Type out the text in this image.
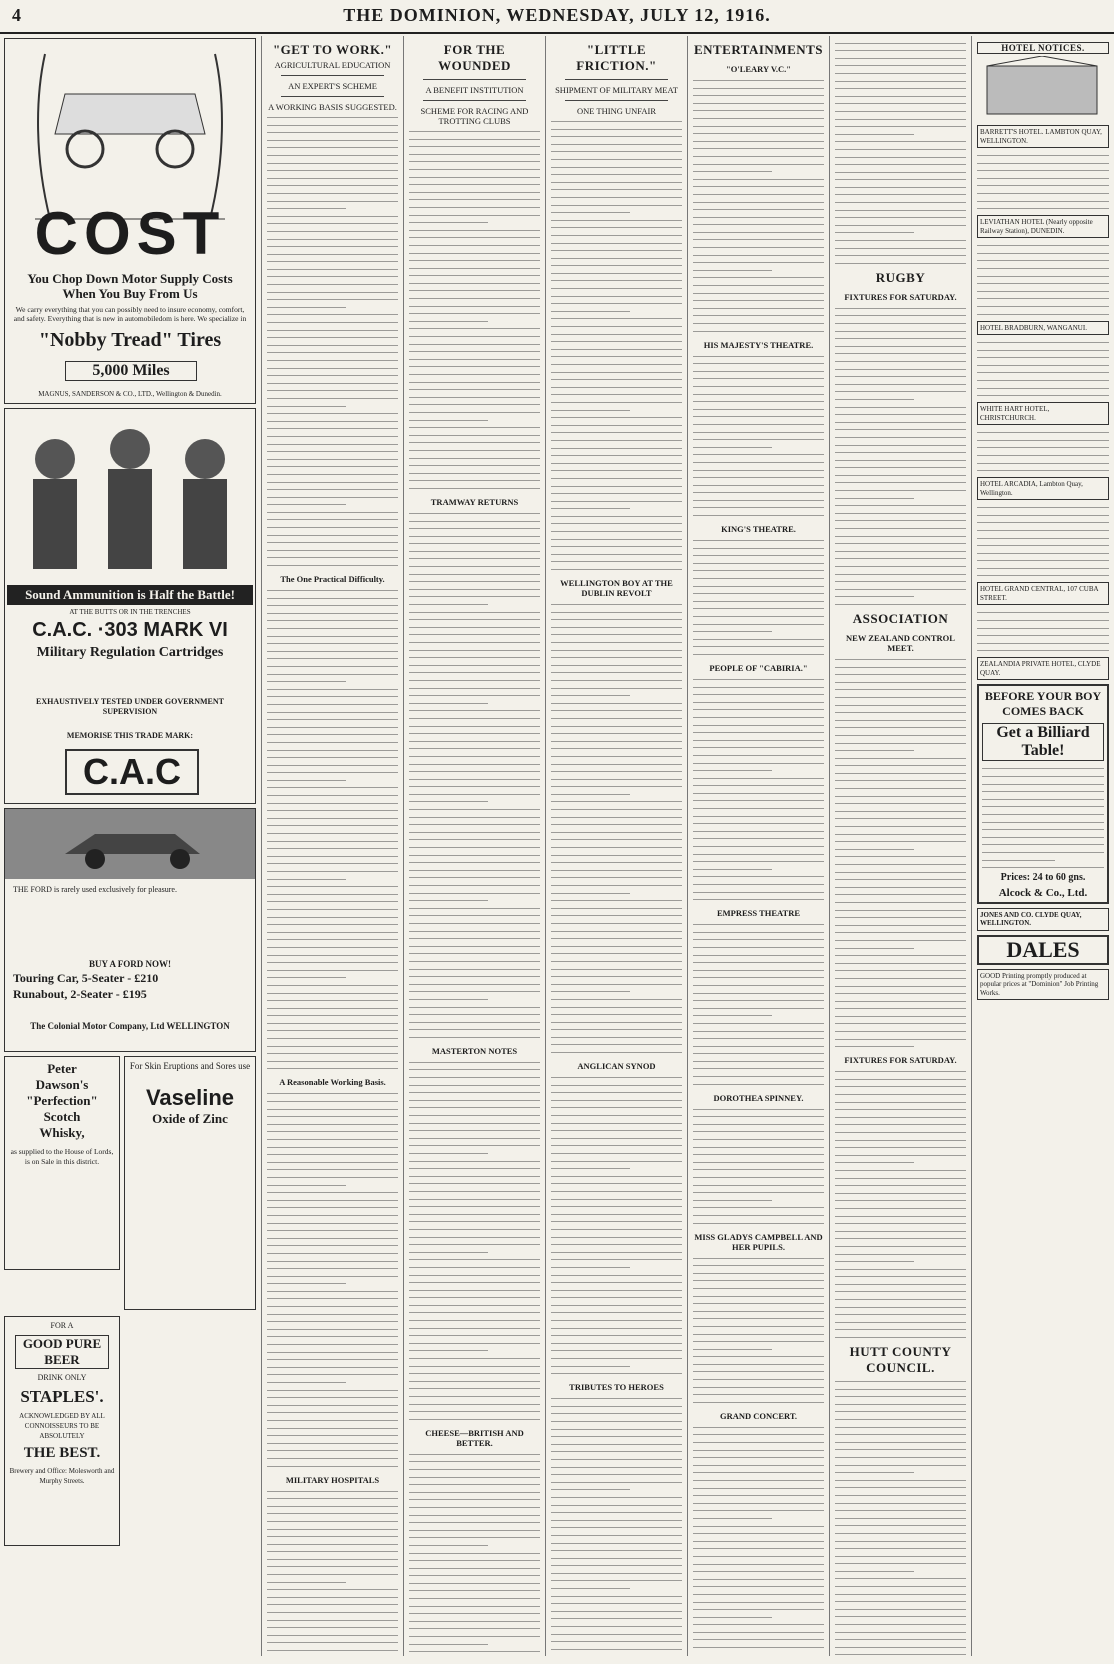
4	THE DOMINION, WEDNESDAY, JULY 12, 1916.
COST
You Chop Down Motor Supply Costs When You Buy From Us
We carry everything that you can possibly need to insure economy, comfort, and safety. Everything that is new in automobiledom is here. We specialize in
"Nobby Tread" Tires
5,000 Miles
MAGNUS, SANDERSON & CO., LTD., Wellington & Dunedin.
Sound Ammunition is Half the Battle!
AT THE BUTTS OR IN THE TRENCHES
C.A.C. ·303 MARK VI
Military Regulation Cartridges
EXHAUSTIVELY TESTED UNDER GOVERNMENT SUPERVISION
MEMORISE THIS TRADE MARK:
C.A.C
THE FORD is rarely used exclusively for pleasure.
BUY A FORD NOW!
Touring Car, 5-Seater - £210
Runabout, 2-Seater - £195
The Colonial Motor Company, Ltd WELLINGTON
Peter
Dawson's
"Perfection"
Scotch
Whisky,
as supplied to the House of Lords, is on Sale in this district.
For Skin Eruptions and Sores use
Vaseline
Oxide of Zinc
FOR A
GOOD PURE BEER
DRINK ONLY
STAPLES'.
ACKNOWLEDGED BY ALL CONNOISSEURS TO BE ABSOLUTELY
THE BEST.
Brewery and Office: Molesworth and Murphy Streets.
"GET TO WORK."
AGRICULTURAL EDUCATION
AN EXPERT'S SCHEME
A WORKING BASIS SUGGESTED.
The One Practical Difficulty.
A Reasonable Working Basis.
MILITARY HOSPITALS
FOR THE WOUNDED
A BENEFIT INSTITUTION
SCHEME FOR RACING AND TROTTING CLUBS
TRAMWAY RETURNS
MASTERTON NOTES
CHEESE—BRITISH AND BETTER.
"LITTLE FRICTION."
SHIPMENT OF MILITARY MEAT
ONE THING UNFAIR
WELLINGTON BOY AT THE DUBLIN REVOLT
ANGLICAN SYNOD
TRIBUTES TO HEROES
ENTERTAINMENTS
"O'LEARY V.C."
HIS MAJESTY'S THEATRE.
KING'S THEATRE.
PEOPLE OF "CABIRIA."
EMPRESS THEATRE
DOROTHEA SPINNEY.
MISS GLADYS CAMPBELL AND HER PUPILS.
GRAND CONCERT.
RUGBY
FIXTURES FOR SATURDAY.
ASSOCIATION
NEW ZEALAND CONTROL MEET.
FIXTURES FOR SATURDAY.
HUTT COUNTY COUNCIL.
HOTEL NOTICES.
BARRETT'S HOTEL. LAMBTON QUAY, WELLINGTON.
LEVIATHAN HOTEL (Nearly opposite Railway Station), DUNEDIN.
HOTEL BRADBURN, WANGANUI.
WHITE HART HOTEL, CHRISTCHURCH.
HOTEL ARCADIA, Lambton Quay, Wellington.
HOTEL GRAND CENTRAL, 107 CUBA STREET.
ZEALANDIA PRIVATE HOTEL, CLYDE QUAY.
BEFORE YOUR BOY COMES BACK
Get a Billiard Table!
Prices: 24 to 60 gns.
Alcock & Co., Ltd.
JONES AND CO. CLYDE QUAY, WELLINGTON.
DALES
GOOD Printing promptly produced at popular prices at "Dominion" Job Printing Works.
